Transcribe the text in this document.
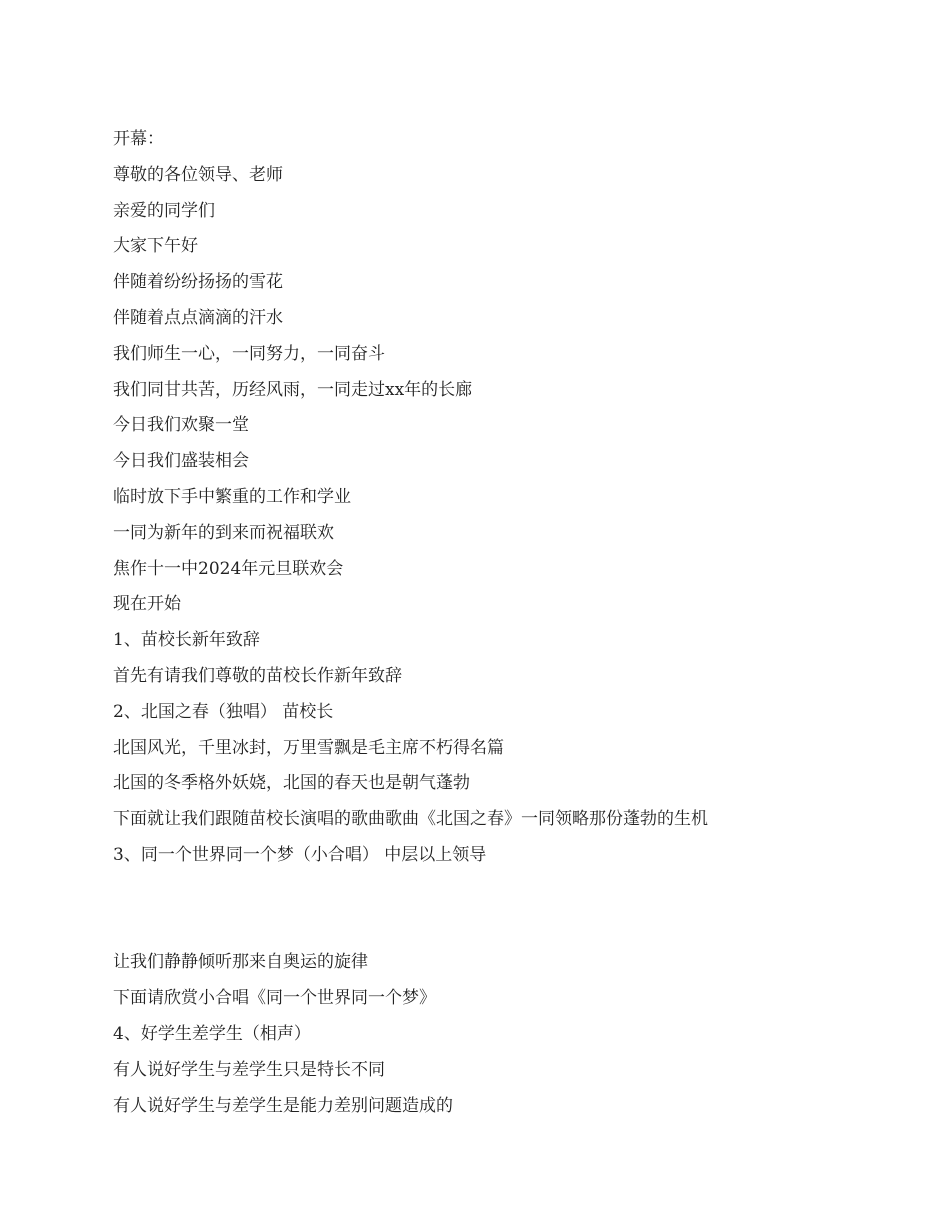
开幕：
尊敬的各位领导、老师
亲爱的同学们
大家下午好
伴随着纷纷扬扬的雪花
伴随着点点滴滴的汗水
我们师生一心，一同努力，一同奋斗
我们同甘共苦，历经风雨，一同走过xx年的长廊
今日我们欢聚一堂
今日我们盛装相会
临时放下手中繁重的工作和学业
一同为新年的到来而祝福联欢
焦作十一中2024年元旦联欢会
现在开始
1、苗校长新年致辞
首先有请我们尊敬的苗校长作新年致辞
2、北国之春（独唱） 苗校长
北国风光，千里冰封，万里雪飘是毛主席不朽得名篇
北国的冬季格外妖娆，北国的春天也是朝气蓬勃
下面就让我们跟随苗校长演唱的歌曲歌曲《北国之春》一同领略那份蓬勃的生机
3、同一个世界同一个梦（小合唱） 中层以上领导
让我们静静倾听那来自奥运的旋律
下面请欣赏小合唱《同一个世界同一个梦》
4、好学生差学生（相声）
有人说好学生与差学生只是特长不同
有人说好学生与差学生是能力差别问题造成的
